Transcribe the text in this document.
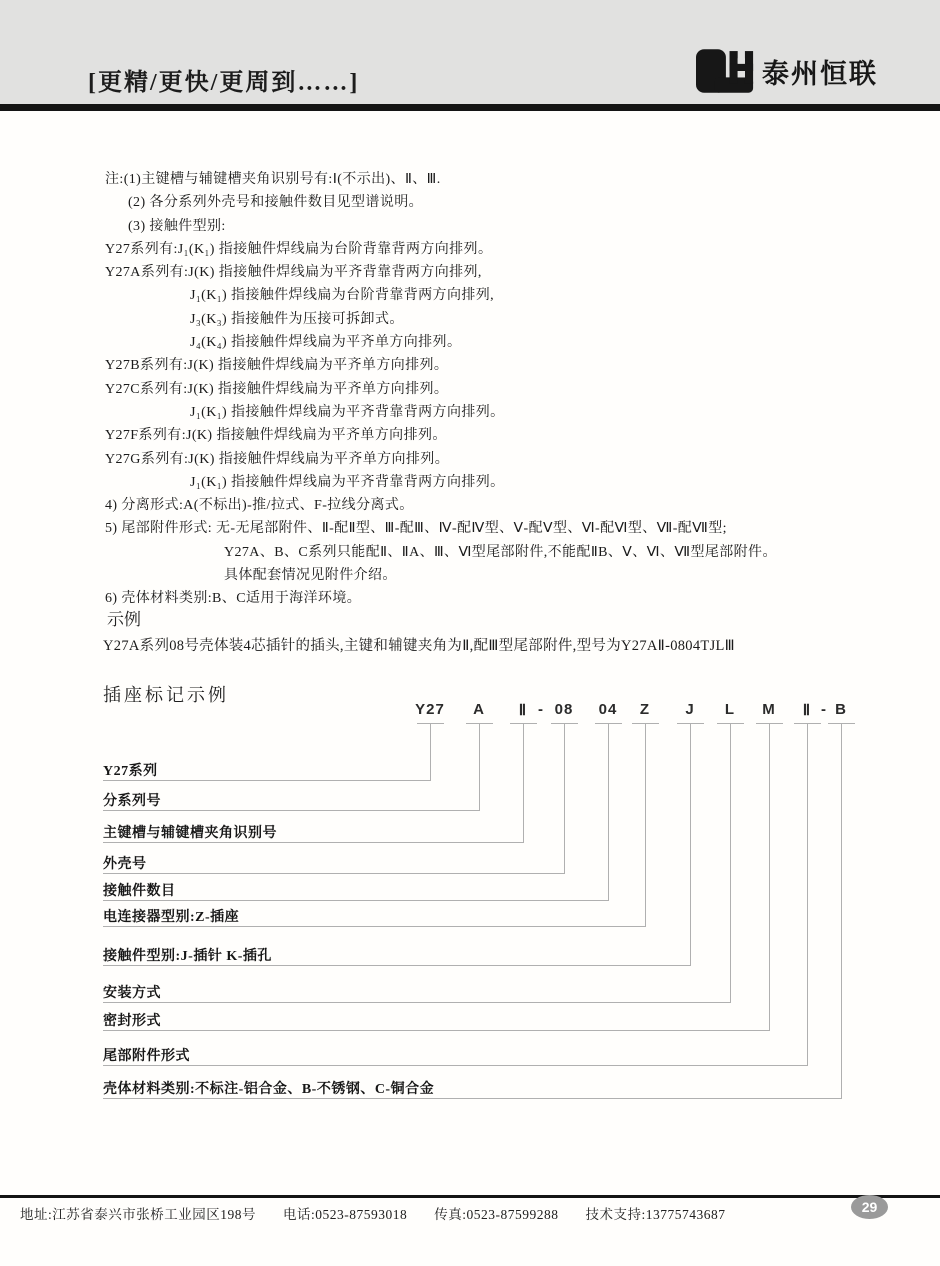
[更精/更快/更周到……]	泰州恒联
注:(1)主键槽与辅键槽夹角识别号有:Ⅰ(不示出)、Ⅱ、Ⅲ.
(2) 各分系列外壳号和接触件数目见型谱说明。
(3) 接触件型别:
Y27系列有:J₁(K₁) 指接触件焊线扁为台阶背靠背两方向排列。
Y27A系列有:J(K) 指接触件焊线扁为平齐背靠背两方向排列,
J₁(K₁) 指接触件焊线扁为台阶背靠背两方向排列,
J₃(K₃) 指接触件为压接可拆卸式。
J₄(K₄) 指接触件焊线扁为平齐单方向排列。
Y27B系列有:J(K) 指接触件焊线扁为平齐单方向排列。
Y27C系列有:J(K) 指接触件焊线扁为平齐单方向排列。
J₁(K₁) 指接触件焊线扁为平齐背靠背两方向排列。
Y27F系列有:J(K) 指接触件焊线扁为平齐单方向排列。
Y27G系列有:J(K) 指接触件焊线扁为平齐单方向排列。
J₁(K₁) 指接触件焊线扁为平齐背靠背两方向排列。
4) 分离形式:A(不标出)-推/拉式、F-拉线分离式。
5) 尾部附件形式: 无-无尾部附件、Ⅱ-配Ⅱ型、Ⅲ-配Ⅲ、Ⅳ-配Ⅳ型、Ⅴ-配Ⅴ型、Ⅵ-配Ⅵ型、Ⅶ-配Ⅶ型;
Y27A、B、C系列只能配Ⅱ、ⅡA、Ⅲ、Ⅵ型尾部附件,不能配ⅡB、Ⅴ、Ⅵ、Ⅶ型尾部附件。
具体配套情况见附件介绍。
6) 壳体材料类别:B、C适用于海洋环境。
示例

Y27A系列08号壳体装4芯插针的插头,主键和辅键夹角为Ⅱ,配Ⅲ型尾部附件,型号为Y27AⅡ-0804TJLⅢ

插座标记示例
Y27
Y27系列
A
分系列号
Ⅱ
主键槽与辅键槽夹角识别号
08
外壳号
04
接触件数目
Z
电连接器型别:Z-插座
J
接触件型别:J-插针 K-插孔
L
安装方式
M
密封形式
Ⅱ
尾部附件形式
B
壳体材料类别:不标注-铝合金、B-不锈钢、C-铜合金
-	-
地址:江苏省泰兴市张桥工业园区198号 电话:0523-87593018 传真:0523-87599288 技术支持:13775743687	29
